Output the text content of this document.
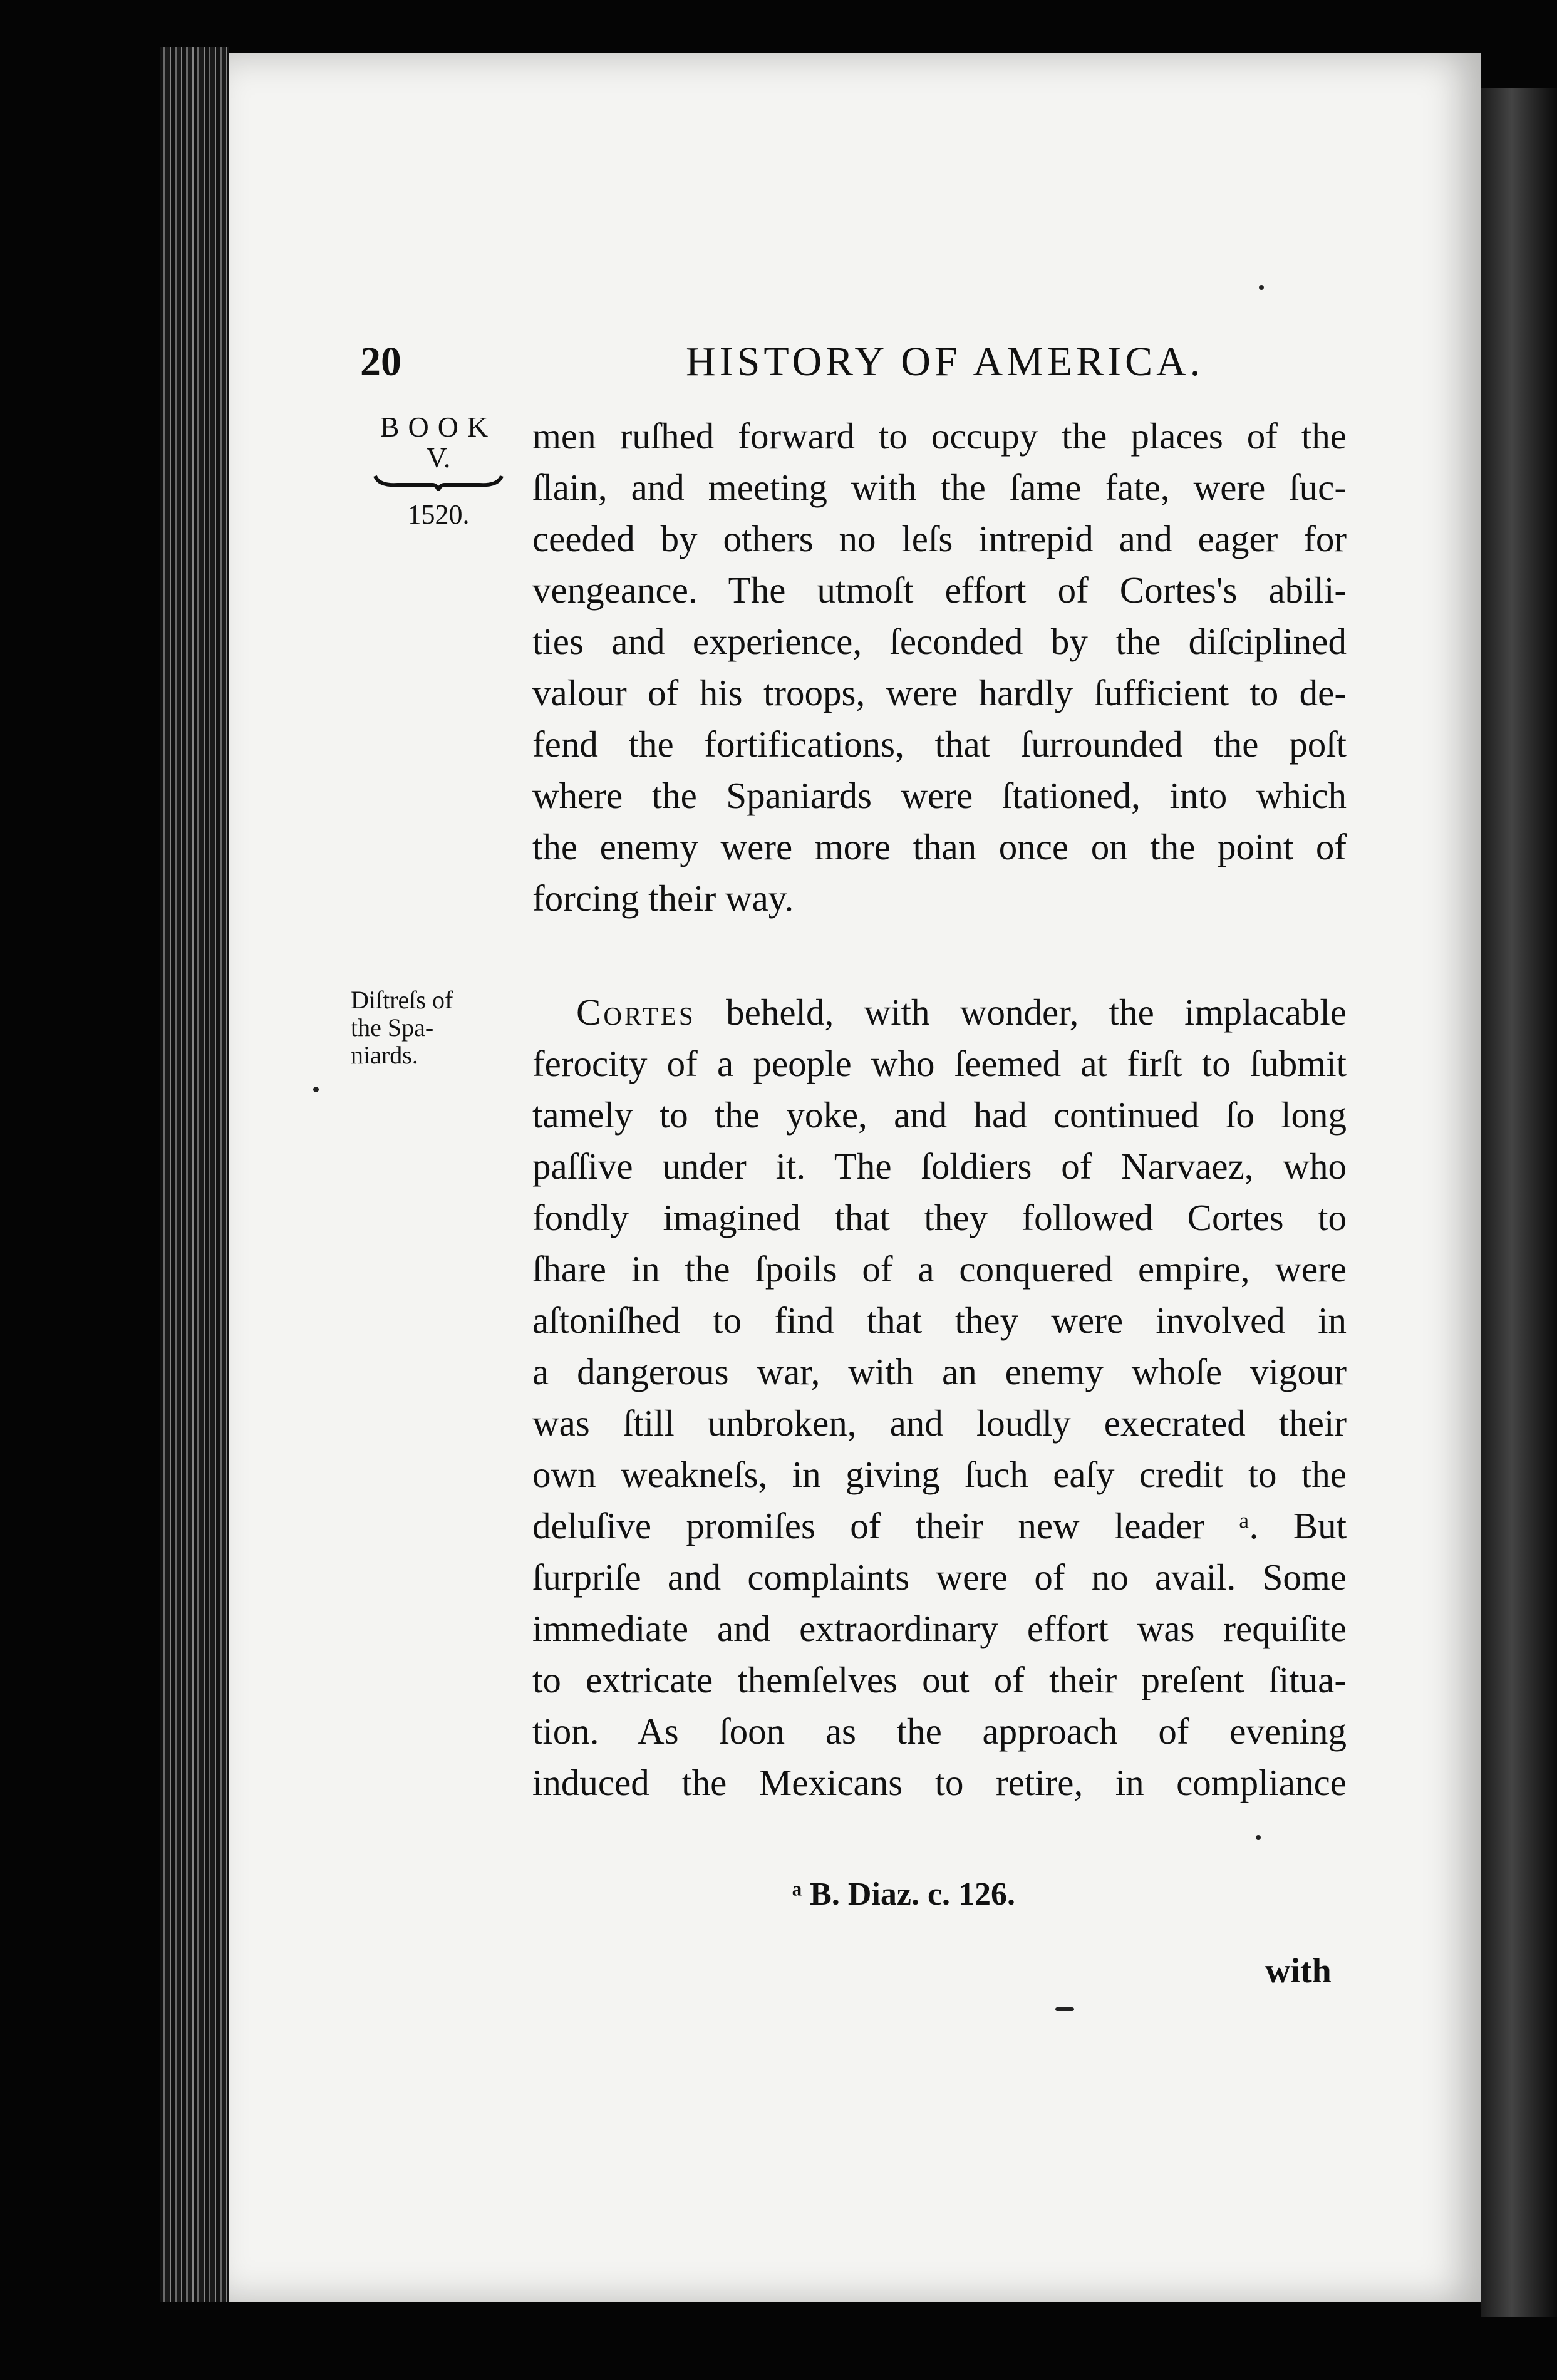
20	HISTORY OF AMERICA.
BOOK
V.
1520.
Diſtreſs of
the Spa-
niards.
men ruſhed forward to occupy the places of the
ſlain, and meeting with the ſame fate, were ſuc-
ceeded by others no leſs intrepid and eager for
vengeance. The utmoſt effort of Cortes's abili-
ties and experience, ſeconded by the diſciplined
valour of his troops, were hardly ſufficient to de-
fend the fortifications, that ſurrounded the poſt
where the Spaniards were ſtationed, into which
the enemy were more than once on the point of
forcing their way.
Cortes beheld, with wonder, the implacable
ferocity of a people who ſeemed at firſt to ſubmit
tamely to the yoke, and had continued ſo long
paſſive under it. The ſoldiers of Narvaez, who
fondly imagined that they followed Cortes to
ſhare in the ſpoils of a conquered empire, were
aſtoniſhed to find that they were involved in
a dangerous war, with an enemy whoſe vigour
was ſtill unbroken, and loudly execrated their
own weakneſs, in giving ſuch eaſy credit to the
deluſive promiſes of their new leader ᵃ. But
ſurpriſe and complaints were of no avail. Some
immediate and extraordinary effort was requiſite
to extricate themſelves out of their preſent ſitua-
tion. As ſoon as the approach of evening
induced the Mexicans to retire, in compliance
ᵃ B. Diaz. c. 126.
with
